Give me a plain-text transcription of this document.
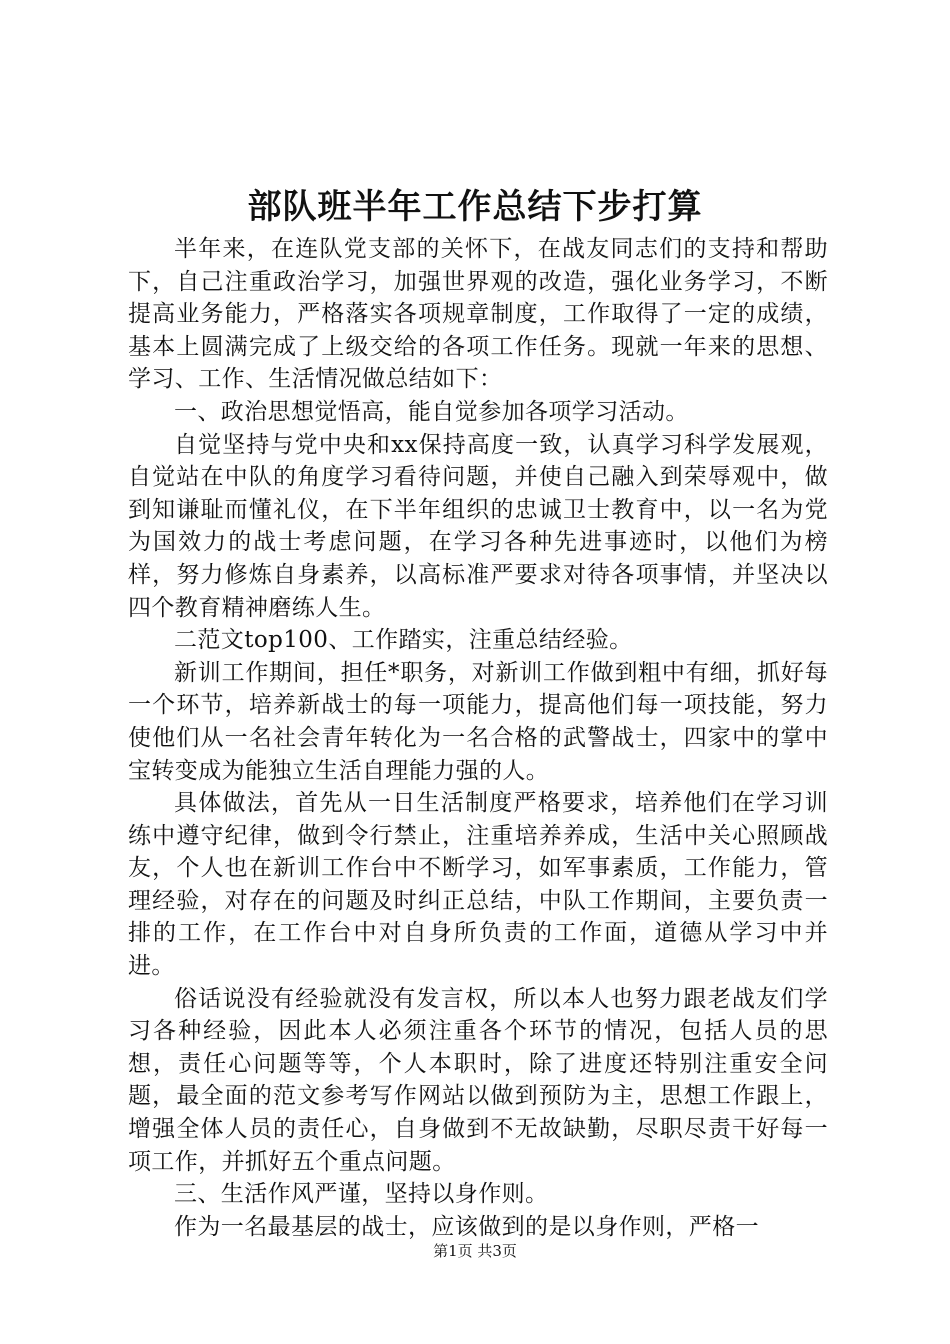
部队班半年工作总结下步打算

半年来，在连队党支部的关怀下，在战友同志们的支持和帮助下，自己注重政治学习，加强世界观的改造，强化业务学习，不断提高业务能力，严格落实各项规章制度，工作取得了一定的成绩，基本上圆满完成了上级交给的各项工作任务。现就一年来的思想、学习、工作、生活情况做总结如下：

一、政治思想觉悟高，能自觉参加各项学习活动。

自觉坚持与党中央和xx保持高度一致，认真学习科学发展观，自觉站在中队的角度学习看待问题，并使自己融入到荣辱观中，做到知谦耻而懂礼仪，在下半年组织的忠诚卫士教育中，以一名为党为国效力的战士考虑问题，在学习各种先进事迹时，以他们为榜样，努力修炼自身素养，以高标准严要求对待各项事情，并坚决以四个教育精神磨练人生。

二范文top100、工作踏实，注重总结经验。

新训工作期间，担任*职务，对新训工作做到粗中有细，抓好每一个环节，培养新战士的每一项能力，提高他们每一项技能，努力使他们从一名社会青年转化为一名合格的武警战士，四家中的掌中宝转变成为能独立生活自理能力强的人。

具体做法，首先从一日生活制度严格要求，培养他们在学习训练中遵守纪律，做到令行禁止，注重培养养成，生活中关心照顾战友，个人也在新训工作台中不断学习，如军事素质，工作能力，管理经验，对存在的问题及时纠正总结，中队工作期间，主要负责一排的工作，在工作台中对自身所负责的工作面，道德从学习中并进。

俗话说没有经验就没有发言权，所以本人也努力跟老战友们学习各种经验，因此本人必须注重各个环节的情况，包括人员的思想，责任心问题等等，个人本职时，除了进度还特别注重安全问题，最全面的范文参考写作网站以做到预防为主，思想工作跟上，增强全体人员的责任心，自身做到不无故缺勤，尽职尽责干好每一项工作，并抓好五个重点问题。

三、生活作风严谨，坚持以身作则。

作为一名最基层的战士，应该做到的是以身作则，严格一

第1页 共3页
